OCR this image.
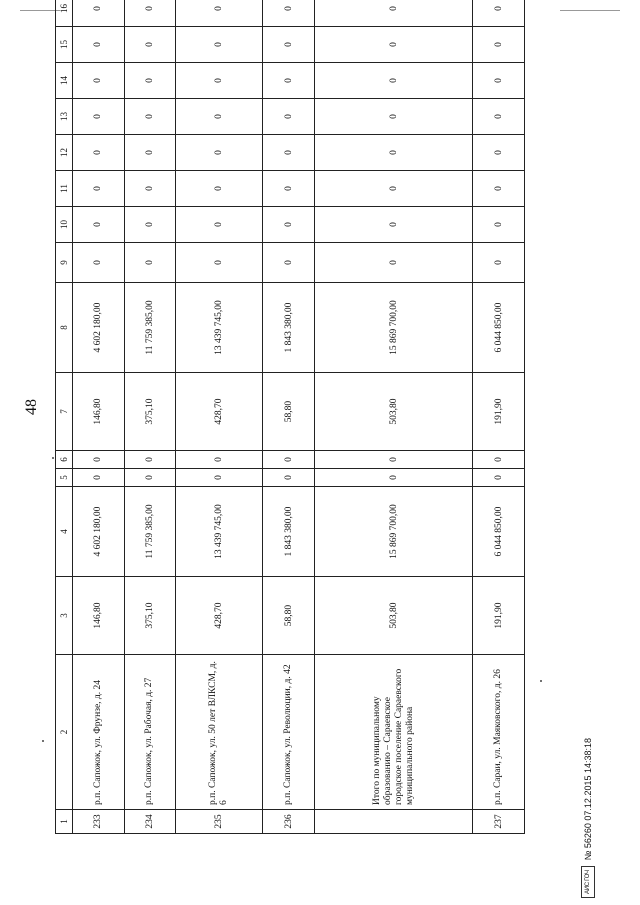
48
АИС ГОЧ
№ 56260 07.12.2015 14:38:18
1	2	3	4	5	6	7	8	9	10	11	12	13	14	15	16
233	р.п. Сапожок, ул. Фрунзе, д. 24	146,80	4 602 180,00	0	0	146,80	4 602 180,00	0	0	0	0	0	0	0	0
234	р.п. Сапожок, ул. Рабочая, д. 27	375,10	11 759 385,00	0	0	375,10	11 759 385,00	0	0	0	0	0	0	0	0
235	р.п. Сапожок, ул. 50 лет ВЛКСМ, д. 6	428,70	13 439 745,00	0	0	428,70	13 439 745,00	0	0	0	0	0	0	0	0
236	р.п. Сапожок, ул. Революции, д. 42	58,80	1 843 380,00	0	0	58,80	1 843 380,00	0	0	0	0	0	0	0	0
	Итого по муниципальному образованию – Сараевское городское поселение Сараевского муниципального района	503,80	15 869 700,00	0	0	503,80	15 869 700,00	0	0	0	0	0	0	0	0
237	р.п. Сараи, ул. Маяковского, д. 26	191,90	6 044 850,00	0	0	191,90	6 044 850,00	0	0	0	0	0	0	0	0
